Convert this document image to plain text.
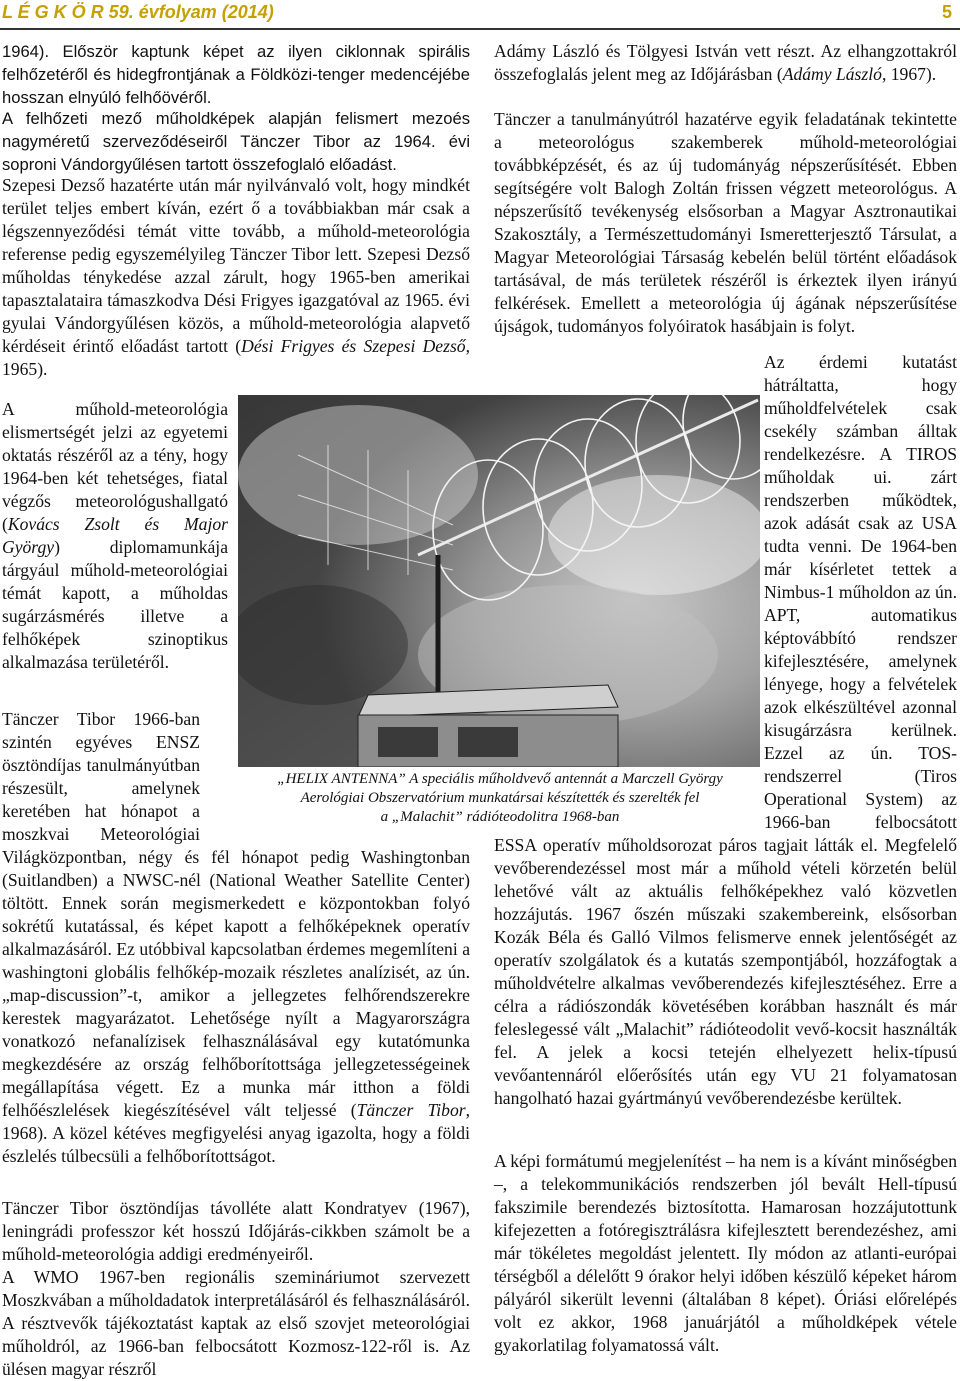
L É G K Ö R 59. évfolyam (2014)	5

1964). Először kaptunk képet az ilyen ciklonnak spirális felhőzetéről és hidegfrontjának a Földközi-tenger medencéjébe hosszan elnyúló felhőövéről.

A felhőzeti mező műholdképek alapján felismert mezoés nagyméretű szerveződéseiről Tänczer Tibor az 1964. évi soproni Vándorgyűlésen tartott összefoglaló előadást.

Szepesi Dezső hazatérte után már nyilvánvaló volt, hogy mindkét terület teljes embert kíván, ezért ő a továbbiakban már csak a légszennyeződési témát vitte tovább, a műhold-meteorológia referense pedig egyszemélyileg Tänczer Tibor lett. Szepesi Dezső műholdas ténykedése azzal zárult, hogy 1965-ben amerikai tapasztalataira támaszkodva Dési Frigyes igazgatóval az 1965. évi gyulai Vándorgyűlésen közös, a műhold-meteorológia alapvető kérdéseit érintő előadást tartott (Dési Frigyes és Szepesi Dezső, 1965).

A műhold-meteorológia elismertségét jelzi az egyetemi oktatás részéről az a tény, hogy 1964-ben két tehetséges, fiatal végzős meteorológushallgató (Kovács Zsolt és Major György) diplomamunkája tárgyául műhold-meteorológiai témát kapott, a műholdas sugárzásmérés illetve a felhőképek szinoptikus alkalmazása területéről.

Tänczer Tibor 1966-ban szintén egyéves ENSZ ösztöndíjas tanulmányútban részesült, amelynek keretében hat hónapot a moszkvai Meteorológiai Világközpontban, négy és fél hónapot pedig Washingtonban (Suitlandben) a NWSC-nél (National Weather Satellite Center) töltött. Ennek során megismerkedett e központokban folyó sokrétű kutatással, és képet kapott a felhőképeknek operatív alkalmazásáról. Ez utóbbival kapcsolatban érdemes megemlíteni a washingtoni globális felhőkép-mozaik részletes analízisét, az ún. „map-discussion”-t, amikor a jellegzetes felhőrendszerekre kerestek magyarázatot. Lehetősége nyílt a Magyarországra vonatkozó nefanalízisek felhasználásával egy kutatómunka megkezdésére az ország felhőborítottsága jellegzetességeinek megállapítása végett. Ez a munka már itthon a földi felhőészlelések kiegészítésével vált teljessé (Tänczer Tibor, 1968). A közel kétéves megfigyelési anyag igazolta, hogy a földi észlelés túlbecsüli a felhőborítottságot.

Tänczer Tibor ösztöndíjas távolléte alatt Kondratyev (1967), leningrádi professzor két hosszú Időjárás-cikkben számolt be a műhold-meteorológia addigi eredményeiről.

A WMO 1967-ben regionális szemináriumot szervezett Moszkvában a műholdadatok interpretálásáról és felhasználásáról. A résztvevők tájékoztatást kaptak az első szovjet meteorológiai műholdról, az 1966-ban felbocsátott Kozmosz-122-ről is. Az ülésen magyar részről

Adámy László és Tölgyesi István vett részt. Az elhangzottakról összefoglalás jelent meg az Időjárásban (Adámy László, 1967).

Tänczer a tanulmányútról hazatérve egyik feladatának tekintette a meteorológus szakemberek műhold-meteorológiai továbbképzését, és az új tudományág népszerűsítését. Ebben segítségére volt Balogh Zoltán frissen végzett meteorológus. A népszerűsítő tevékenység elsősorban a Magyar Asztronautikai Szakosztály, a Természettudományi Ismeretterjesztő Társulat, a Magyar Meteorológiai Társaság kebelén belül történt előadások tartásával, de más területek részéről is érkeztek ilyen irányú felkérések. Emellett a meteorológia új ágának népszerűsítése újságok, tudományos folyóiratok hasábjain is folyt.

Az érdemi kutatást hátráltatta, hogy műholdfelvételek csak csekély számban álltak rendelkezésre. A TIROS műholdak ui. zárt rendszerben működtek, azok adását csak az USA tudta venni. De 1964-ben már kísérletet tettek a Nimbus-1 műholdon az ún. APT, automatikus képtovábbító rendszer kifejlesztésére, amelynek lényege, hogy a felvételek azok elkészültével azonnal kisugárzásra kerülnek. Ezzel az ún. TOS-rendszerrel (Tiros Operational System) az 1966-ban felbocsátott ESSA operatív műholdsorozat páros tagjait látták el. Megfelelő vevőberendezéssel most már a műhold vételi körzetén belül lehetővé vált az aktuális felhőképekhez való közvetlen hozzájutás. 1967 őszén műszaki szakembereink, elsősorban Kozák Béla és Galló Vilmos felismerve ennek jelentőségét az operatív szolgálatok és a kutatás szempontjából, hozzáfogtak a műholdvételre alkalmas vevőberendezés kifejlesztéséhez. Erre a célra a rádiószondák követésében korábban használt és már feleslegessé vált „Malachit” rádióteodolit vevő-kocsit használták fel. A jelek a kocsi tetején elhelyezett helix-típusú vevőantennáról előerősítés után egy VU 21 folyamatosan hangolható hazai gyártmányú vevőberendezésbe kerültek.

A képi formátumú megjelenítést – ha nem is a kívánt minőségben –, a telekommunikációs rendszerben jól bevált Hell-típusú fakszimile berendezés biztosította. Hamarosan hozzájutottunk kifejezetten a fotóregisztrálásra kifejlesztett berendezéshez, ami már tökéletes megoldást jelentett. Ily módon az atlanti-európai térségből a délelőtt 9 órakor helyi időben készülő képeket három pályáról sikerült levenni (általában 8 képet). Óriási előrelépés volt ez akkor, 1968 januárjától a műholdképek vétele gyakorlatilag folyamatossá vált.

„HELIX ANTENNA” A speciális műholdvevő antennát a Marczell György
Aerológiai Obszervatórium munkatársai készítették és szerelték fel
a „Malachit” rádióteodolitra 1968-ban
